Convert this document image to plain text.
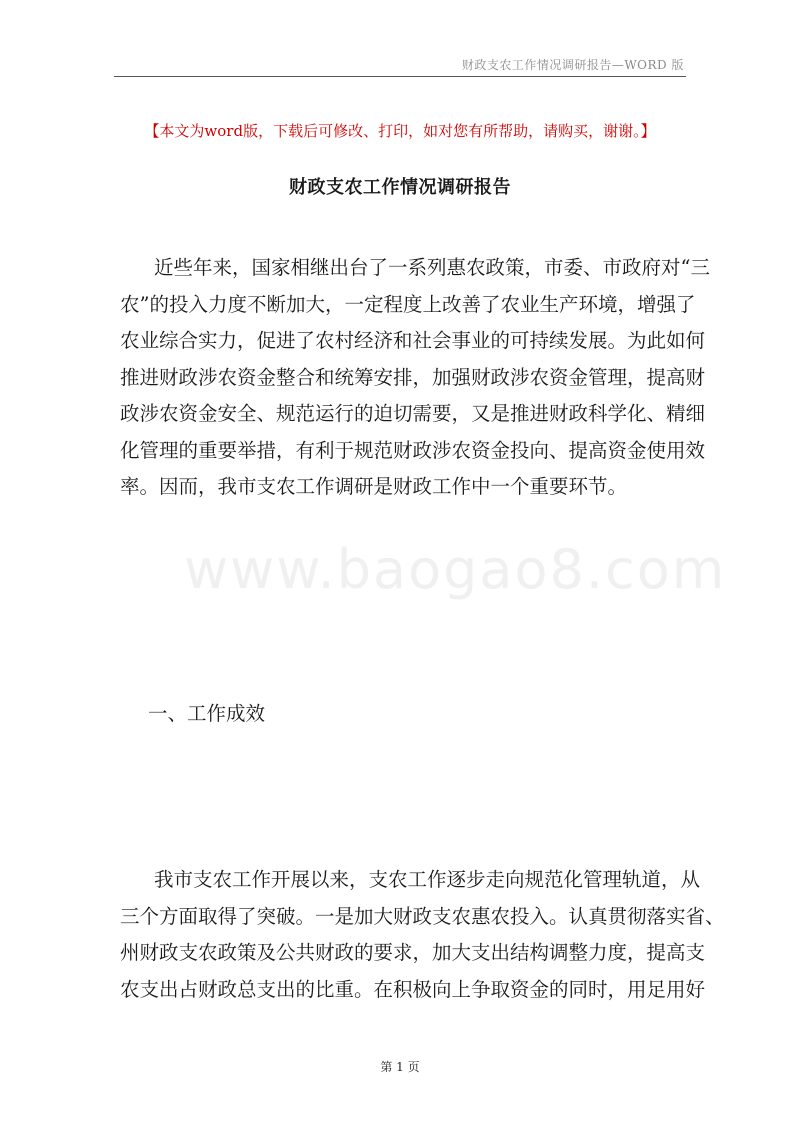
财政支农工作情况调研报告—WORD 版
【本文为word版，下载后可修改、打印，如对您有所帮助，请购买，谢谢。】
财政支农工作情况调研报告
www.baogao8.com
近些年来，国家相继出台了一系列惠农政策，市委、市政府对“三
农”的投入力度不断加大，一定程度上改善了农业生产环境，增强了
农业综合实力，促进了农村经济和社会事业的可持续发展。为此如何
推进财政涉农资金整合和统筹安排，加强财政涉农资金管理，提高财
政涉农资金安全、规范运行的迫切需要，又是推进财政科学化、精细
化管理的重要举措，有利于规范财政涉农资金投向、提高资金使用效
率。因而，我市支农工作调研是财政工作中一个重要环节。
一、工作成效
我市支农工作开展以来，支农工作逐步走向规范化管理轨道，从
三个方面取得了突破。一是加大财政支农惠农投入。认真贯彻落实省、
州财政支农政策及公共财政的要求，加大支出结构调整力度，提高支
农支出占财政总支出的比重。在积极向上争取资金的同时，用足用好
第 1 页
